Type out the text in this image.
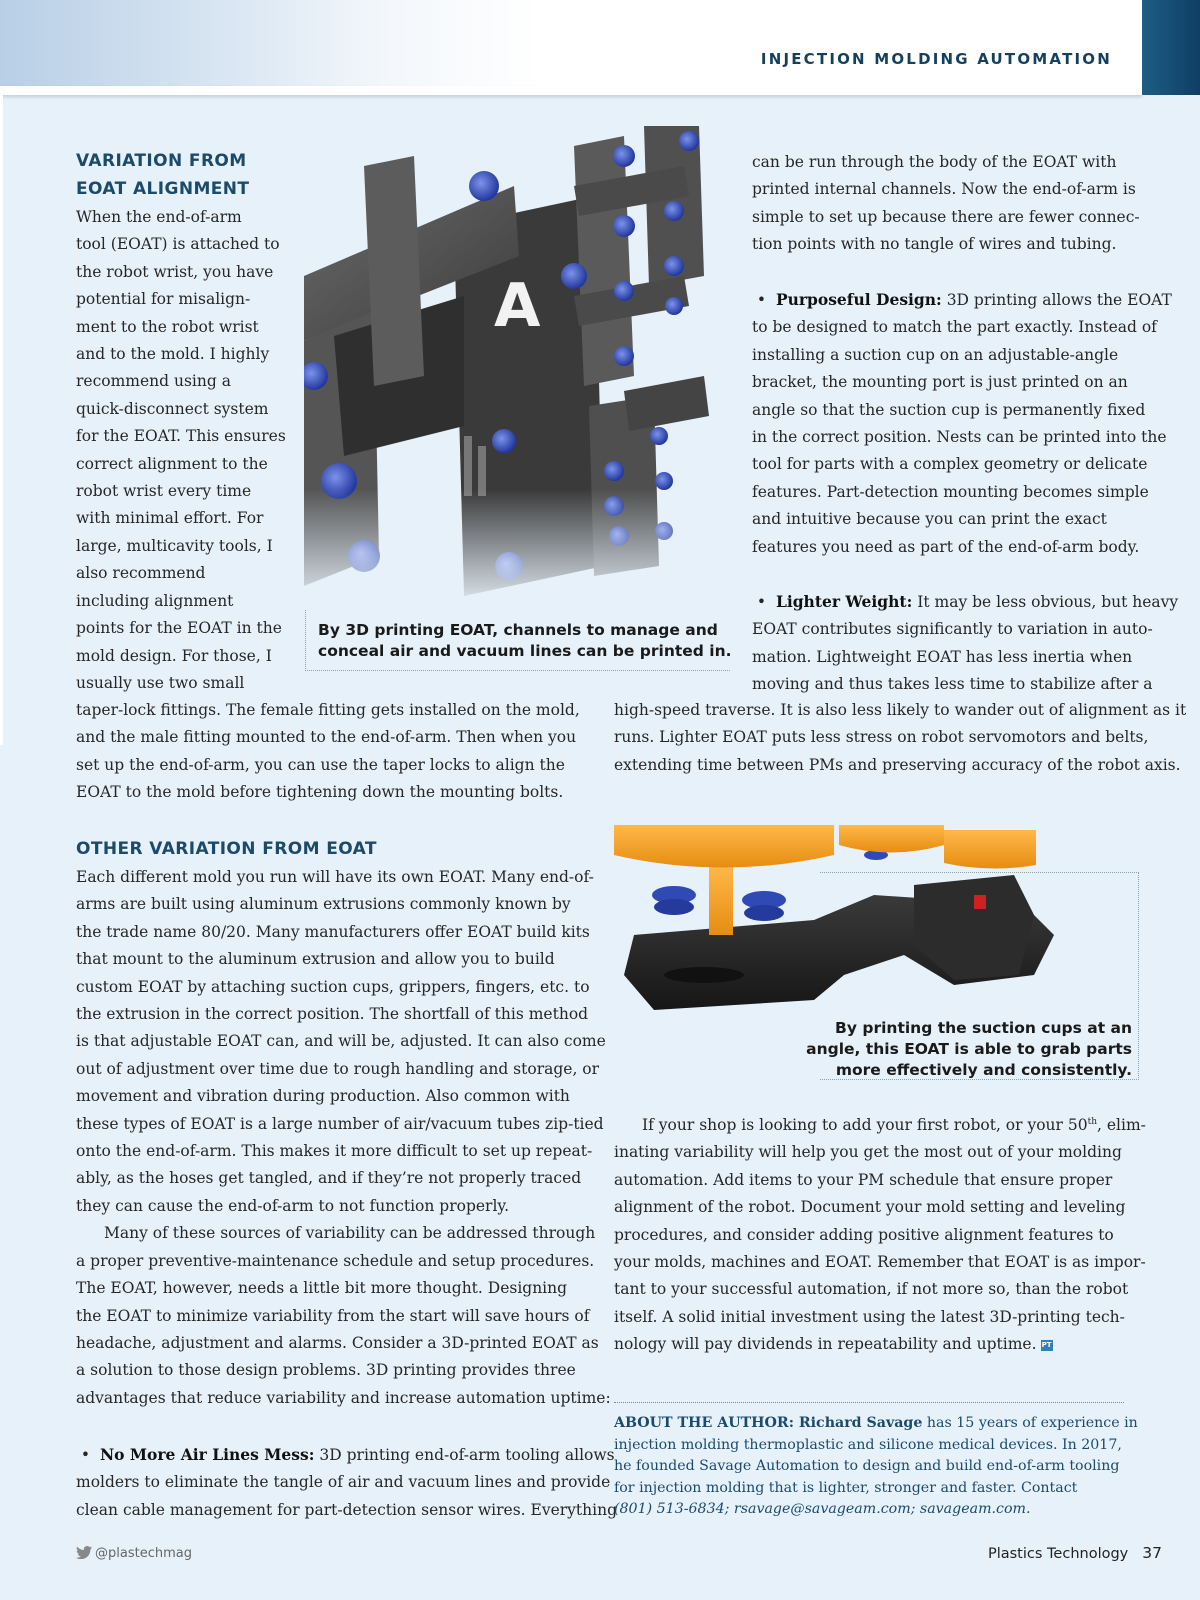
INJECTION MOLDING AUTOMATION
VARIATION FROM
EOAT ALIGNMENT

When the end-of-arm

tool (EOAT) is attached to

the robot wrist, you have

potential for misalign-

ment to the robot wrist

and to the mold. I highly

recommend using a

quick-disconnect system

for the EOAT. This ensures

correct alignment to the

robot wrist every time

with minimal effort. For

large, multicavity tools, I

also recommend

including alignment

points for the EOAT in the

mold design. For those, I

usually use two small

taper-lock fittings. The female fitting gets installed on the mold,

and the male fitting mounted to the end-of-arm. Then when you

set up the end-of-arm, you can use the taper locks to align the

EOAT to the mold before tightening down the mounting bolts.

OTHER VARIATION FROM EOAT

Each different mold you run will have its own EOAT. Many end-of-

arms are built using aluminum extrusions commonly known by

the trade name 80/20. Many manufacturers offer EOAT build kits

that mount to the aluminum extrusion and allow you to build

custom EOAT by attaching suction cups, grippers, fingers, etc. to

the extrusion in the correct position. The shortfall of this method

is that adjustable EOAT can, and will be, adjusted. It can also come

out of adjustment over time due to rough handling and storage, or

movement and vibration during production. Also common with

these types of EOAT is a large number of air/vacuum tubes zip-tied

onto the end-of-arm. This makes it more difficult to set up repeat-

ably, as the hoses get tangled, and if they’re not properly traced

they can cause the end-of-arm to not function properly.

Many of these sources of variability can be addressed through

a proper preventive-maintenance schedule and setup procedures.

The EOAT, however, needs a little bit more thought. Designing

the EOAT to minimize variability from the start will save hours of

headache, adjustment and alarms. Consider a 3D-printed EOAT as

a solution to those design problems. 3D printing provides three

advantages that reduce variability and increase automation uptime:

•  No More Air Lines Mess: 3D printing end-of-arm tooling allows

molders to eliminate the tangle of air and vacuum lines and provide

clean cable management for part-detection sensor wires. Everything

By 3D printing EOAT, channels to manage and
conceal air and vacuum lines can be printed in.

can be run through the body of the EOAT with

printed internal channels. Now the end-of-arm is

simple to set up because there are fewer connec-

tion points with no tangle of wires and tubing.

•  Purposeful Design: 3D printing allows the EOAT

to be designed to match the part exactly. Instead of

installing a suction cup on an adjustable-angle

bracket, the mounting port is just printed on an

angle so that the suction cup is permanently fixed

in the correct position. Nests can be printed into the

tool for parts with a complex geometry or delicate

features. Part-detection mounting becomes simple

and intuitive because you can print the exact

features you need as part of the end-of-arm body.

•  Lighter Weight: It may be less obvious, but heavy

EOAT contributes significantly to variation in auto-

mation. Lightweight EOAT has less inertia when

moving and thus takes less time to stabilize after a

high-speed traverse. It is also less likely to wander out of alignment as it

runs. Lighter EOAT puts less stress on robot servomotors and belts,

extending time between PMs and preserving accuracy of the robot axis.

By printing the suction cups at an
angle, this EOAT is able to grab parts
more effectively and consistently.

If your shop is looking to add your first robot, or your 50th, elim-

inating variability will help you get the most out of your molding

automation. Add items to your PM schedule that ensure proper

alignment of the robot. Document your mold setting and leveling

procedures, and consider adding positive alignment features to

your molds, machines and EOAT. Remember that EOAT is as impor-

tant to your successful automation, if not more so, than the robot

itself. A solid initial investment using the latest 3D-printing tech-

nology will pay dividends in repeatability and uptime. PT

ABOUT THE AUTHOR: Richard Savage has 15 years of experience in

injection molding thermoplastic and silicone medical devices. In 2017,

he founded Savage Automation to design and build end-of-arm tooling

for injection molding that is lighter, stronger and faster. Contact

(801) 513-6834; rsavage@savageam.com; savageam.com.

@plastechmag	Plastics Technology 37
